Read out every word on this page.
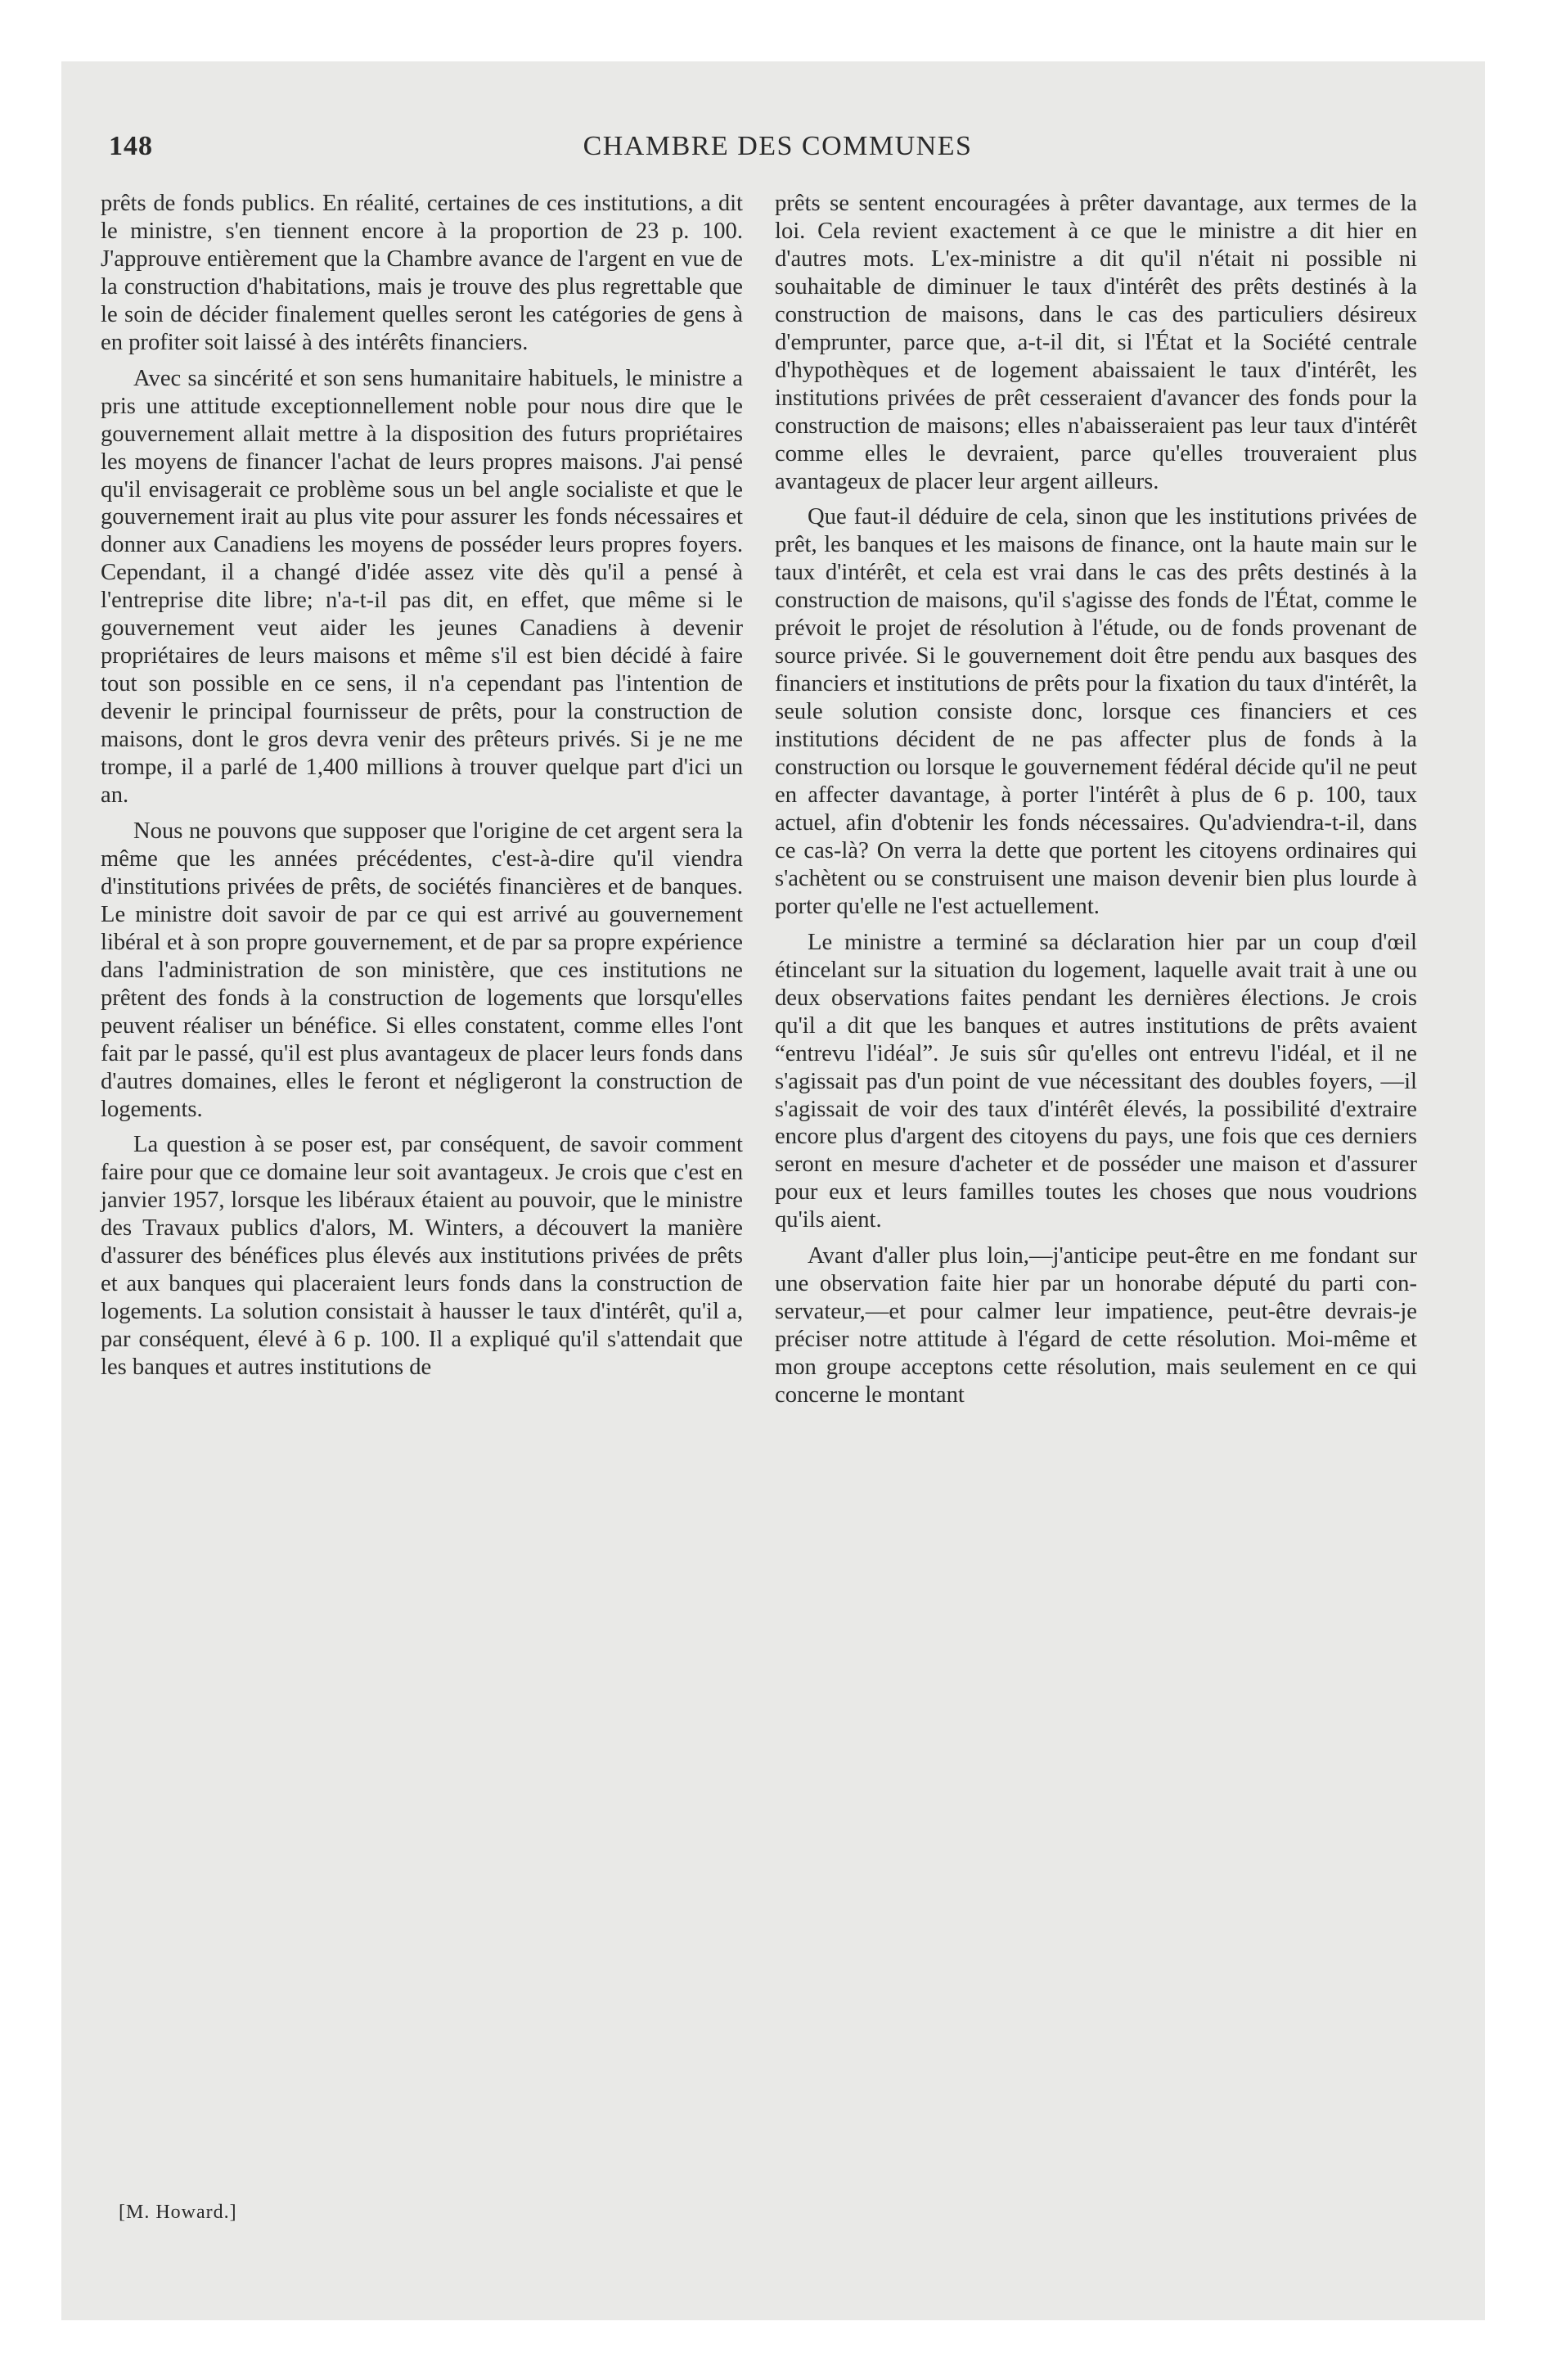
148	CHAMBRE DES COMMUNES

prêts de fonds publics. En réalité, certaines de ces institutions, a dit le ministre, s'en tiennent encore à la proportion de 23 p. 100. J'approuve entièrement que la Chambre avance de l'argent en vue de la construction d'habitations, mais je trouve des plus regrettable que le soin de décider finalement quelles seront les catégories de gens à en profiter soit laissé à des intérêts financiers.

Avec sa sincérité et son sens humanitaire habituels, le ministre a pris une attitude exceptionnellement noble pour nous dire que le gouvernement allait mettre à la disposition des futurs propriétaires les moyens de financer l'achat de leurs propres maisons. J'ai pensé qu'il envisagerait ce problème sous un bel angle socialiste et que le gouvernement irait au plus vite pour assurer les fonds nécessaires et donner aux Canadiens les moyens de posséder leurs propres foyers. Cependant, il a changé d'idée assez vite dès qu'il a pensé à l'entreprise dite libre; n'a-t-il pas dit, en effet, que même si le gouvernement veut aider les jeunes Canadiens à devenir propriétaires de leurs maisons et même s'il est bien décidé à faire tout son possible en ce sens, il n'a cependant pas l'intention de devenir le principal fournisseur de prêts, pour la construction de maisons, dont le gros devra venir des prêteurs privés. Si je ne me trompe, il a parlé de 1,400 millions à trouver quelque part d'ici un an.

Nous ne pouvons que supposer que l'origine de cet argent sera la même que les années précédentes, c'est-à-dire qu'il viendra d'institutions privées de prêts, de sociétés financières et de banques. Le ministre doit savoir de par ce qui est arrivé au gouvernement libéral et à son propre gouvernement, et de par sa propre expérience dans l'administration de son ministère, que ces institutions ne prêtent des fonds à la construction de logements que lorsqu'elles peuvent réaliser un bénéfice. Si elles constatent, comme elles l'ont fait par le passé, qu'il est plus avantageux de placer leurs fonds dans d'autres domaines, elles le feront et négligeront la construction de logements.

La question à se poser est, par conséquent, de savoir comment faire pour que ce domaine leur soit avantageux. Je crois que c'est en janvier 1957, lorsque les libéraux étaient au pouvoir, que le ministre des Travaux publics d'alors, M. Winters, a découvert la manière d'assurer des bénéfices plus élevés aux institutions privées de prêts et aux banques qui placeraient leurs fonds dans la construction de logements. La solution consistait à hausser le taux d'intérêt, qu'il a, par conséquent, élevé à 6 p. 100. Il a expliqué qu'il s'attendait que les banques et autres institutions de

prêts se sentent encouragées à prêter davantage, aux termes de la loi. Cela revient exactement à ce que le ministre a dit hier en d'autres mots. L'ex-ministre a dit qu'il n'était ni possible ni souhaitable de diminuer le taux d'intérêt des prêts destinés à la construction de maisons, dans le cas des particuliers désireux d'emprunter, parce que, a-t-il dit, si l'État et la Société centrale d'hypothèques et de logement abaissaient le taux d'intérêt, les institutions privées de prêt cesseraient d'avancer des fonds pour la construction de maisons; elles n'abaisseraient pas leur taux d'intérêt comme elles le devraient, parce qu'elles trouveraient plus avantageux de placer leur argent ailleurs.

Que faut-il déduire de cela, sinon que les institutions privées de prêt, les banques et les maisons de finance, ont la haute main sur le taux d'intérêt, et cela est vrai dans le cas des prêts destinés à la construction de maisons, qu'il s'agisse des fonds de l'État, comme le prévoit le projet de résolution à l'étude, ou de fonds provenant de source privée. Si le gouvernement doit être pendu aux basques des financiers et institutions de prêts pour la fixation du taux d'intérêt, la seule solution consiste donc, lorsque ces financiers et ces institutions décident de ne pas affecter plus de fonds à la construction ou lorsque le gouvernement fédéral décide qu'il ne peut en affecter davantage, à porter l'intérêt à plus de 6 p. 100, taux actuel, afin d'obtenir les fonds nécessaires. Qu'adviendra-t-il, dans ce cas-là? On verra la dette que portent les citoyens ordinaires qui s'achètent ou se construisent une maison devenir bien plus lourde à porter qu'elle ne l'est actuellement.

Le ministre a terminé sa déclaration hier par un coup d'œil étincelant sur la situation du logement, laquelle avait trait à une ou deux observations faites pendant les dernières élections. Je crois qu'il a dit que les banques et autres institutions de prêts avaient “entrevu l'idéal”. Je suis sûr qu'elles ont entrevu l'idéal, et il ne s'agissait pas d'un point de vue nécessitant des doubles foyers, —il s'agissait de voir des taux d'intérêt élevés, la possibilité d'extraire encore plus d'argent des citoyens du pays, une fois que ces derniers seront en mesure d'acheter et de posséder une maison et d'assurer pour eux et leurs familles toutes les choses que nous voudrions qu'ils aient.

Avant d'aller plus loin,—j'anticipe peut-être en me fondant sur une observation faite hier par un honorabe député du parti conservateur,—et pour calmer leur impatience, peut-être devrais-je préciser notre attitude à l'égard de cette résolution. Moi-même et mon groupe acceptons cette résolution, mais seulement en ce qui concerne le montant

[M. Howard.]
